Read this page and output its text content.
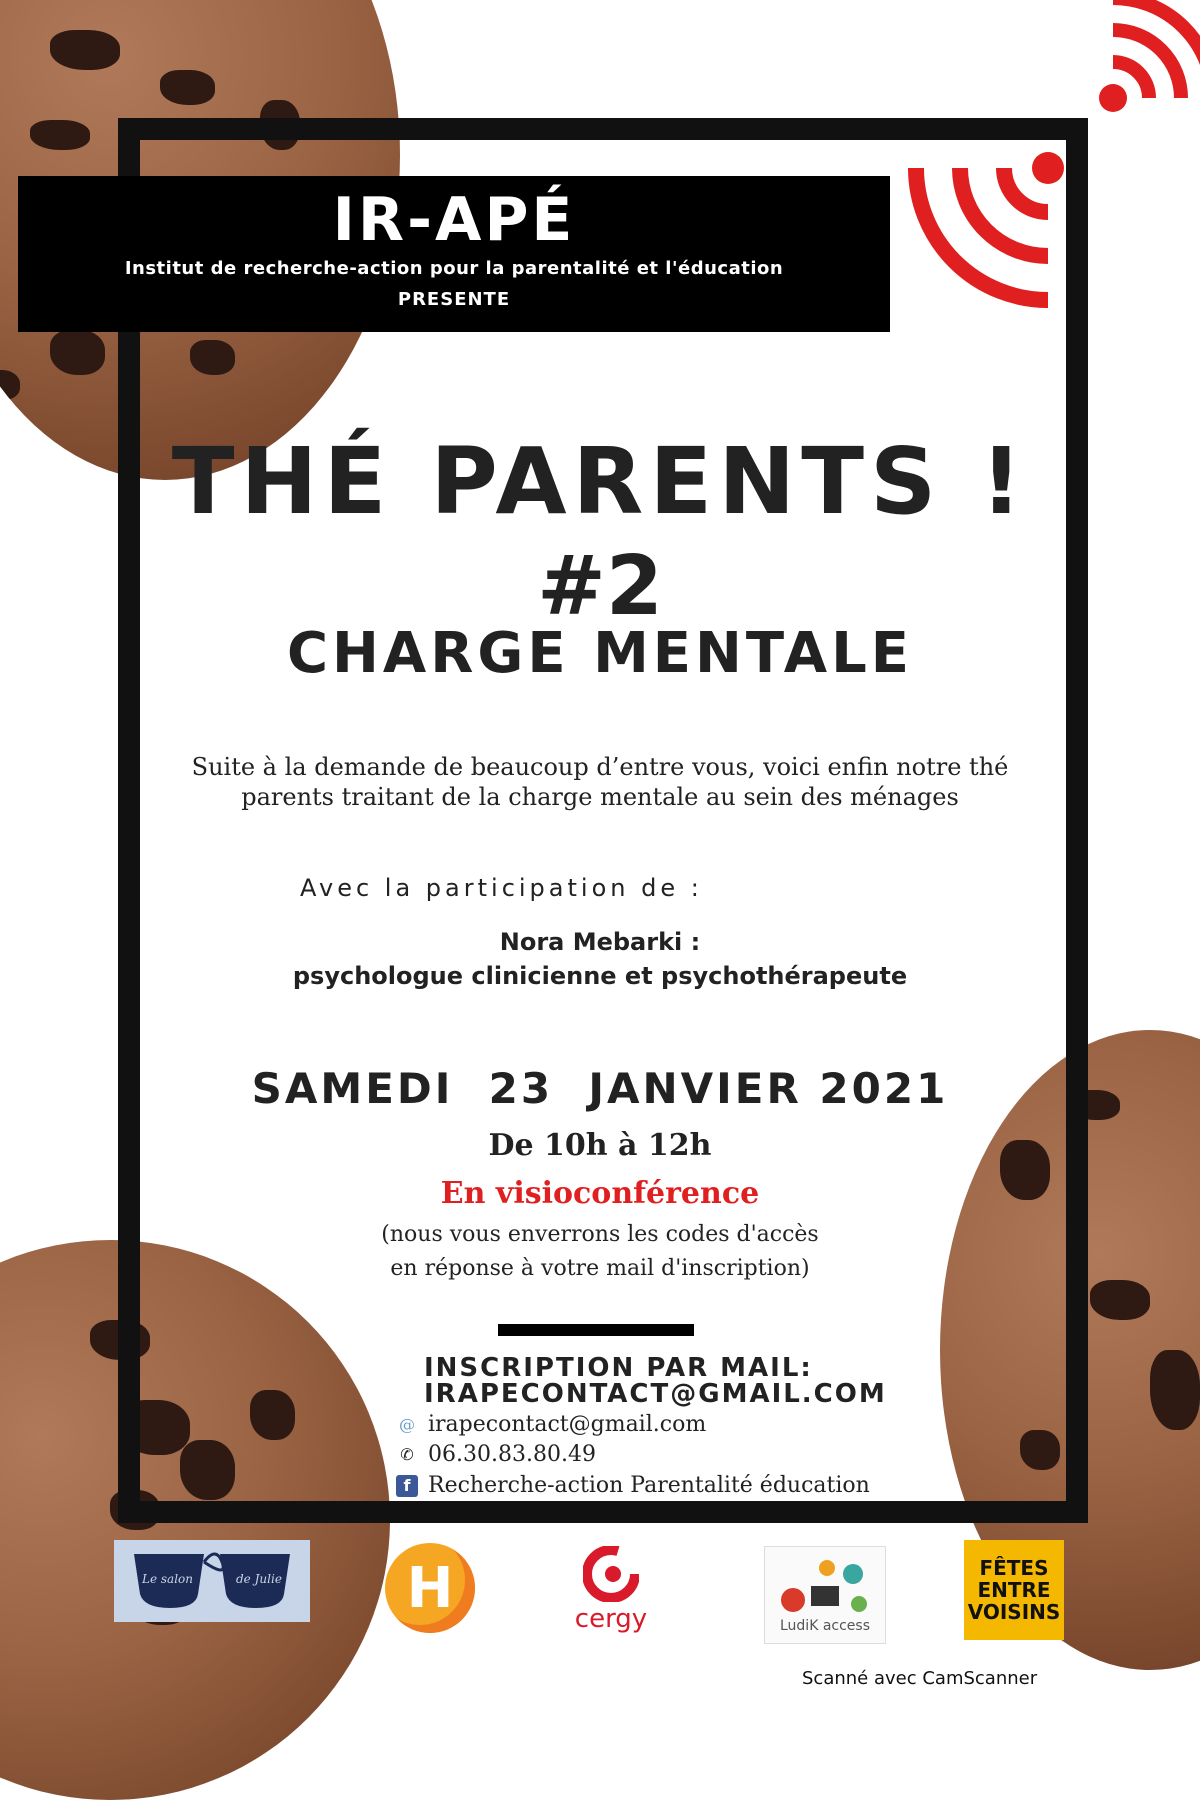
IR-APÉ
Institut de recherche-action pour la parentalité et l'éducation
PRESENTE
THÉ PARENTS !
#2
CHARGE MENTALE
Suite à la demande de beaucoup d’entre vous, voici enfin notre thé
parents traitant de la charge mentale au sein des ménages
Avec la participation de :
Nora Mebarki :
psychologue clinicienne et psychothérapeute
SAMEDI  23  JANVIER 2021
De 10h à 12h
En visioconférence
(nous vous enverrons les codes d'accès
en réponse à votre mail d'inscription)
INSCRIPTION PAR MAIL:
IRAPECONTACT@GMAIL.COM
@ irapecontact@gmail.com
✆ 06.30.83.80.49
f Recherche-action Parentalité éducation
Le salon	de Julie H	cergy	LudiK access
FÊTES
ENTRE
VOISINS
Scanné avec CamScanner
